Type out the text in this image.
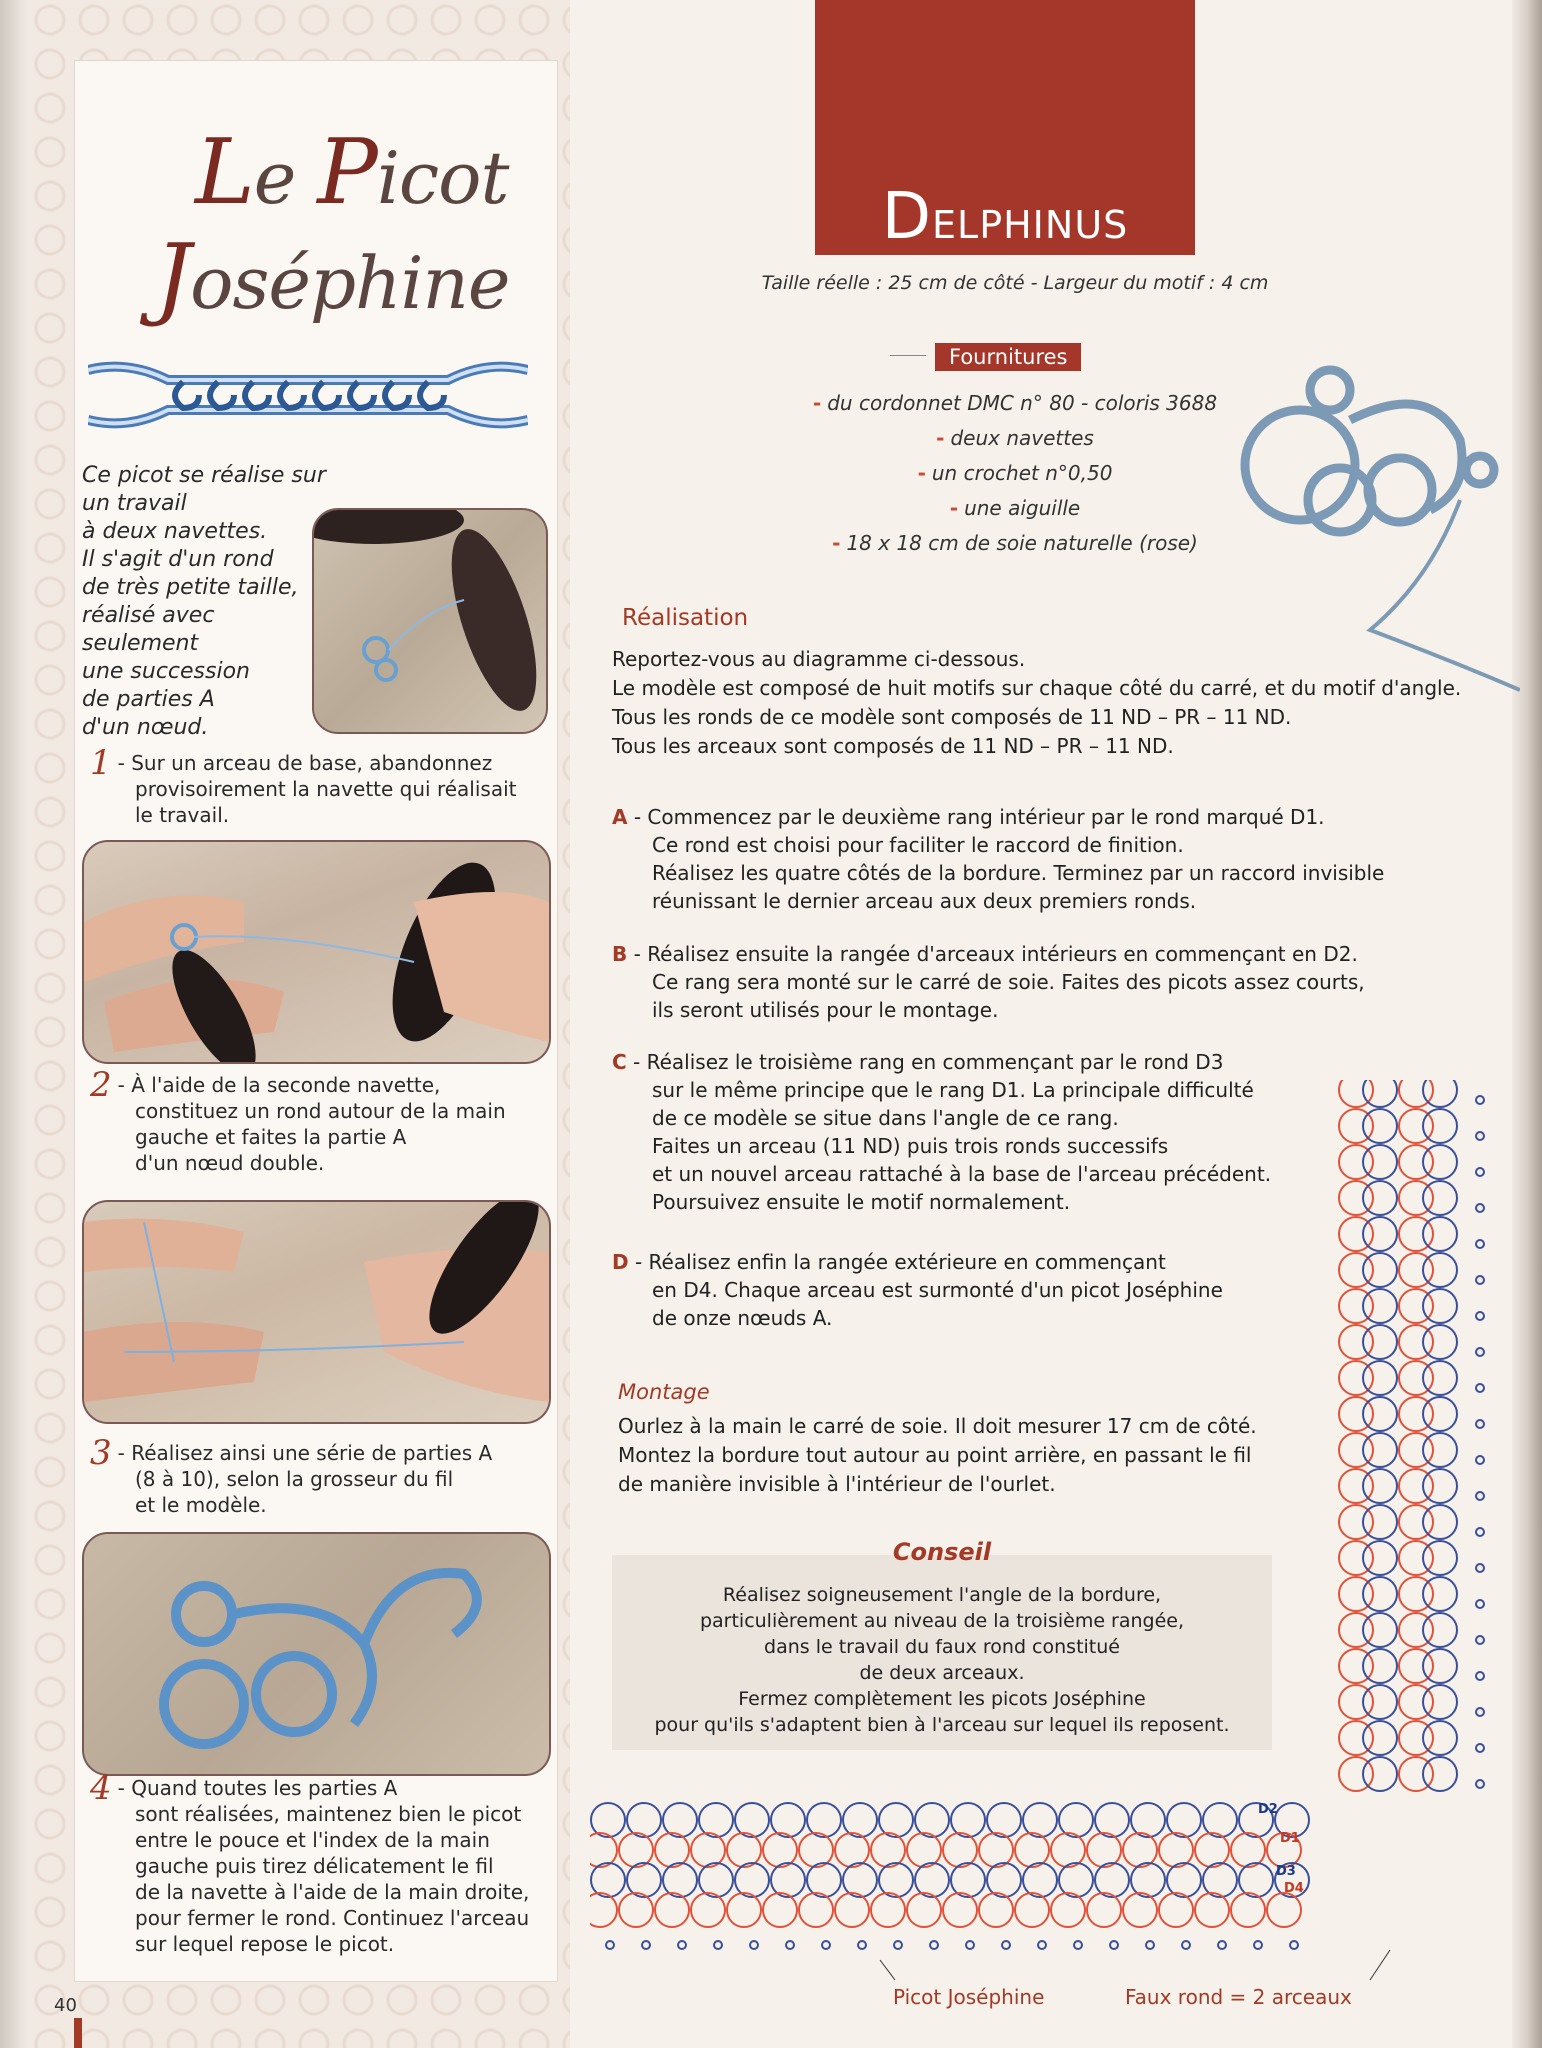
Le Picot
Joséphine

Ce picot se réalise sur un travail

à deux navettes.

Il s'agit d'un rond

de très petite taille,

réalisé avec

seulement

une succession

de parties A

d'un nœud.

1 -

Sur un arceau de base, abandonnez

provisoirement la navette qui réalisait

le travail.

2 -

À l'aide de la seconde navette,

constituez un rond autour de la main

gauche et faites la partie A

d'un nœud double.

3 -

Réalisez ainsi une série de parties A

(8 à 10), selon la grosseur du fil

et le modèle.

4 -

Quand toutes les parties A

sont réalisées, maintenez bien le picot

entre le pouce et l'index de la main

gauche puis tirez délicatement le fil

de la navette à l'aide de la main droite,

pour fermer le rond. Continuez l'arceau

sur lequel repose le picot.

40
DELPHINUS
Taille réelle : 25 cm de côté - Largeur du motif : 4 cm
Fournitures
- du cordonnet DMC n° 80 - coloris 3688
- deux navettes
- un crochet n°0,50
- une aiguille
- 18 x 18 cm de soie naturelle (rose)
Réalisation

Reportez-vous au diagramme ci-dessous.

Le modèle est composé de huit motifs sur chaque côté du carré, et du motif d'angle.

Tous les ronds de ce modèle sont composés de 11 ND – PR – 11 ND.

Tous les arceaux sont composés de 11 ND – PR – 11 ND.

A - Commencez par le deuxième rang intérieur par le rond marqué D1.
Ce rond est choisi pour faciliter le raccord de finition.
Réalisez les quatre côtés de la bordure. Terminez par un raccord invisible
réunissant le dernier arceau aux deux premiers ronds.
B - Réalisez ensuite la rangée d'arceaux intérieurs en commençant en D2.
Ce rang sera monté sur le carré de soie. Faites des picots assez courts,
ils seront utilisés pour le montage.
C - Réalisez le troisième rang en commençant par le rond D3
sur le même principe que le rang D1. La principale difficulté
de ce modèle se situe dans l'angle de ce rang.
Faites un arceau (11 ND) puis trois ronds successifs
et un nouvel arceau rattaché à la base de l'arceau précédent.
Poursuivez ensuite le motif normalement.
D - Réalisez enfin la rangée extérieure en commençant
en D4. Chaque arceau est surmonté d'un picot Joséphine
de onze nœuds A.
Montage

Ourlez à la main le carré de soie. Il doit mesurer 17 cm de côté.

Montez la bordure tout autour au point arrière, en passant le fil

de manière invisible à l'intérieur de l'ourlet.

Conseil

Réalisez soigneusement l'angle de la bordure,

particulièrement au niveau de la troisième rangée,

dans le travail du faux rond constitué

de deux arceaux.

Fermez complètement les picots Joséphine

pour qu'ils s'adaptent bien à l'arceau sur lequel ils reposent.

D2
D1
D3
D4
Picot Joséphine	Faux rond = 2 arceaux
